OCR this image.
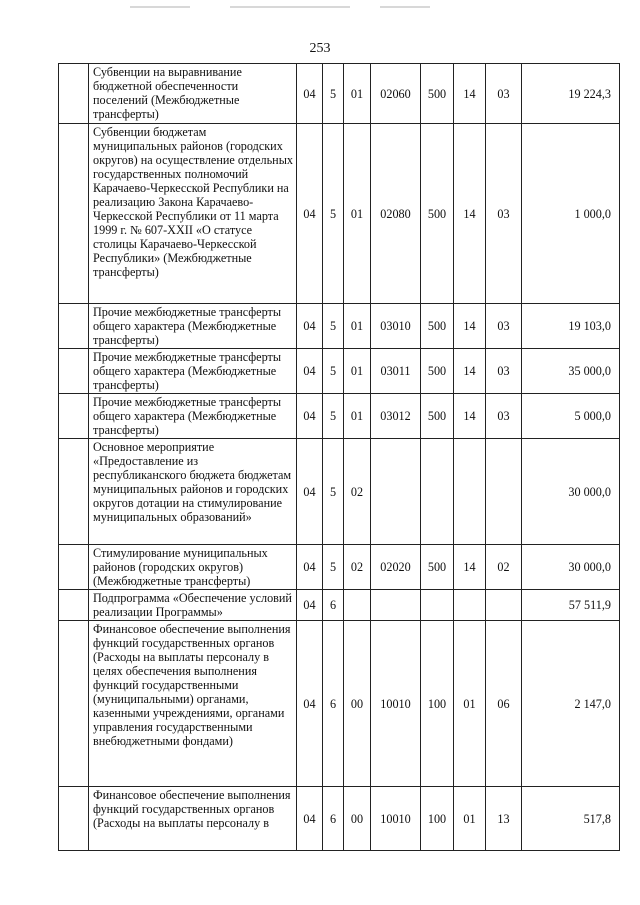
253
	Субвенции на выравнивание бюджетной обеспеченности поселений (Межбюджетные трансферты)	04	5	01	02060	500	14	03	19 224,3
	Субвенции бюджетам муниципальных районов (городских округов) на осуществление отдельных государственных полномочий Карачаево-Черкесской Республики на реализацию Закона Карачаево-Черкесской Республики от 11 марта 1999 г. № 607-XXII «О статусе столицы Карачаево-Черкесской Республики» (Межбюджетные трансферты)	04	5	01	02080	500	14	03	1 000,0
	Прочие межбюджетные трансферты общего характера (Межбюджетные трансферты)	04	5	01	03010	500	14	03	19 103,0
	Прочие межбюджетные трансферты общего характера (Межбюджетные трансферты)	04	5	01	03011	500	14	03	35 000,0
	Прочие межбюджетные трансферты общего характера (Межбюджетные трансферты)	04	5	01	03012	500	14	03	5 000,0
	Основное мероприятие «Предоставление из республиканского бюджета бюджетам муниципальных районов и городских округов дотации на стимулирование муниципальных образований»	04	5	02					30 000,0
	Стимулирование муниципальных районов (городских округов) (Межбюджетные трансферты)	04	5	02	02020	500	14	02	30 000,0
	Подпрограмма «Обеспечение условий реализации Программы»	04	6						57 511,9
	Финансовое обеспечение выполнения функций государственных органов (Расходы на выплаты персоналу в целях обеспечения выполнения функций государственными (муниципальными) органами, казенными учреждениями, органами управления государственными внебюджетными фондами)	04	6	00	10010	100	01	06	2 147,0
	Финансовое обеспечение выполнения функций государственных органов (Расходы на выплаты персоналу в	04	6	00	10010	100	01	13	517,8
